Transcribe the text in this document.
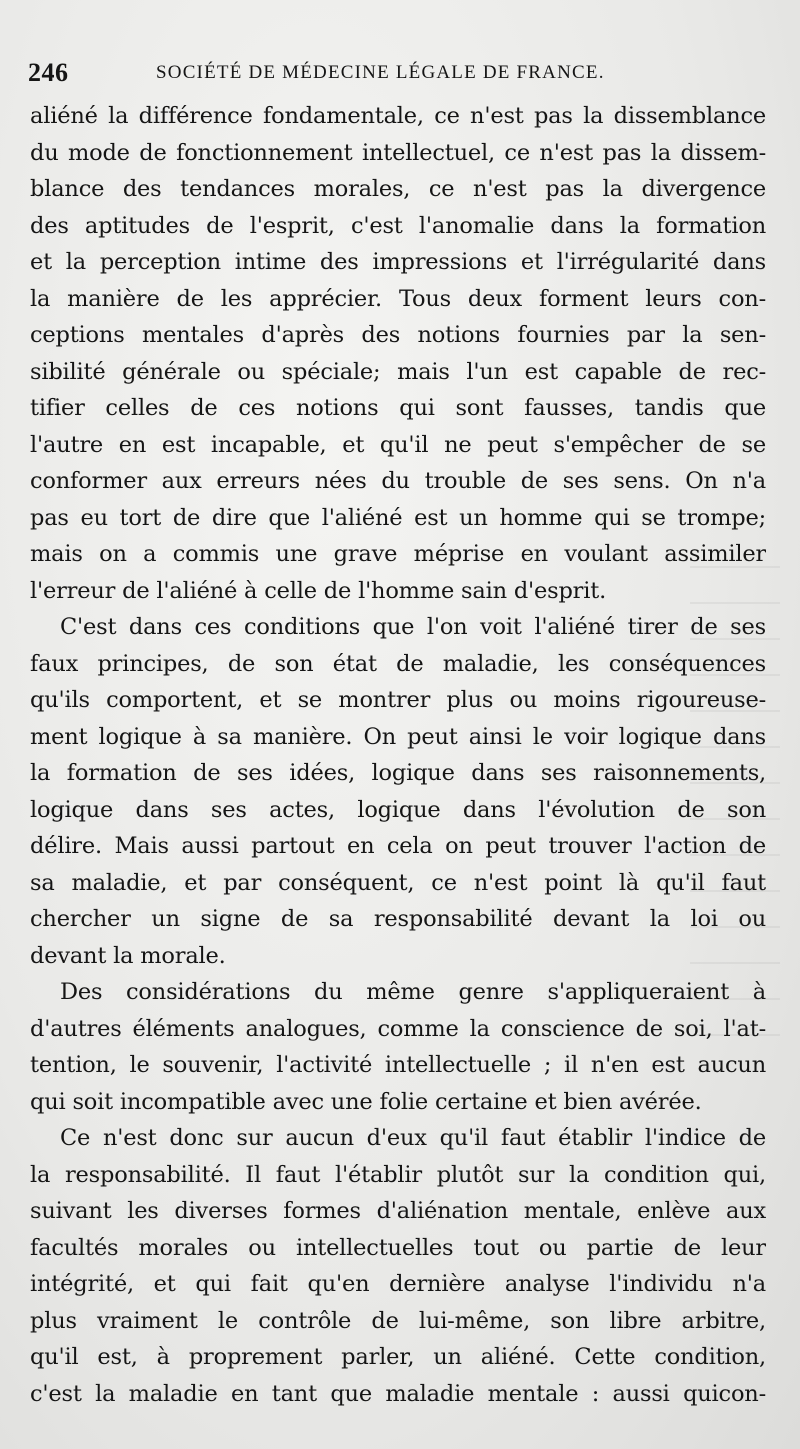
246	SOCIÉTÉ DE MÉDECINE LÉGALE DE FRANCE.
aliéné la différence fondamentale, ce n'est pas la dissemblance
du mode de fonctionnement intellectuel, ce n'est pas la dissem-
blance des tendances morales, ce n'est pas la divergence
des aptitudes de l'esprit, c'est l'anomalie dans la formation
et la perception intime des impressions et l'irrégularité dans
la manière de les apprécier. Tous deux forment leurs con-
ceptions mentales d'après des notions fournies par la sen-
sibilité générale ou spéciale; mais l'un est capable de rec-
tifier celles de ces notions qui sont fausses, tandis que
l'autre en est incapable, et qu'il ne peut s'empêcher de se
conformer aux erreurs nées du trouble de ses sens. On n'a
pas eu tort de dire que l'aliéné est un homme qui se trompe;
mais on a commis une grave méprise en voulant assimiler
l'erreur de l'aliéné à celle de l'homme sain d'esprit.
C'est dans ces conditions que l'on voit l'aliéné tirer de ses
faux principes, de son état de maladie, les conséquences
qu'ils comportent, et se montrer plus ou moins rigoureuse-
ment logique à sa manière. On peut ainsi le voir logique dans
la formation de ses idées, logique dans ses raisonnements,
logique dans ses actes, logique dans l'évolution de son
délire. Mais aussi partout en cela on peut trouver l'action de
sa maladie, et par conséquent, ce n'est point là qu'il faut
chercher un signe de sa responsabilité devant la loi ou
devant la morale.
Des considérations du même genre s'appliqueraient à
d'autres éléments analogues, comme la conscience de soi, l'at-
tention, le souvenir, l'activité intellectuelle ; il n'en est aucun
qui soit incompatible avec une folie certaine et bien avérée.
Ce n'est donc sur aucun d'eux qu'il faut établir l'indice de
la responsabilité. Il faut l'établir plutôt sur la condition qui,
suivant les diverses formes d'aliénation mentale, enlève aux
facultés morales ou intellectuelles tout ou partie de leur
intégrité, et qui fait qu'en dernière analyse l'individu n'a
plus vraiment le contrôle de lui-même, son libre arbitre,
qu'il est, à proprement parler, un aliéné. Cette condition,
c'est la maladie en tant que maladie mentale : aussi quicon-
